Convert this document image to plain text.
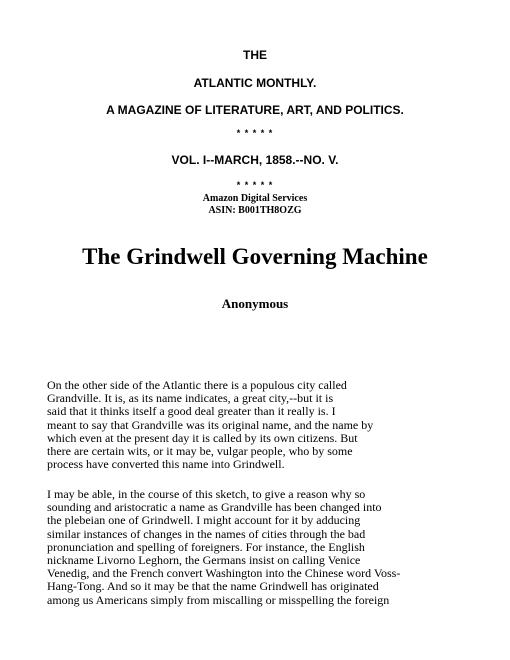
THE
ATLANTIC MONTHLY.
A MAGAZINE OF LITERATURE, ART, AND POLITICS.
* * * * *
VOL. I--MARCH, 1858.--NO. V.
* * * * *
Amazon Digital Services
ASIN: B001TH8OZG
The Grindwell Governing Machine
Anonymous
On the other side of the Atlantic there is a populous city called
Grandville. It is, as its name indicates, a great city,--but it is
said that it thinks itself a good deal greater than it really is. I
meant to say that Grandville was its original name, and the name by
which even at the present day it is called by its own citizens. But
there are certain wits, or it may be, vulgar people, who by some
process have converted this name into Grindwell.
I may be able, in the course of this sketch, to give a reason why so
sounding and aristocratic a name as Grandville has been changed into
the plebeian one of Grindwell. I might account for it by adducing
similar instances of changes in the names of cities through the bad
pronunciation and spelling of foreigners. For instance, the English
nickname Livorno Leghorn, the Germans insist on calling Venice
Venedig, and the French convert Washington into the Chinese word Voss-
Hang-Tong. And so it may be that the name Grindwell has originated
among us Americans simply from miscalling or misspelling the foreign
